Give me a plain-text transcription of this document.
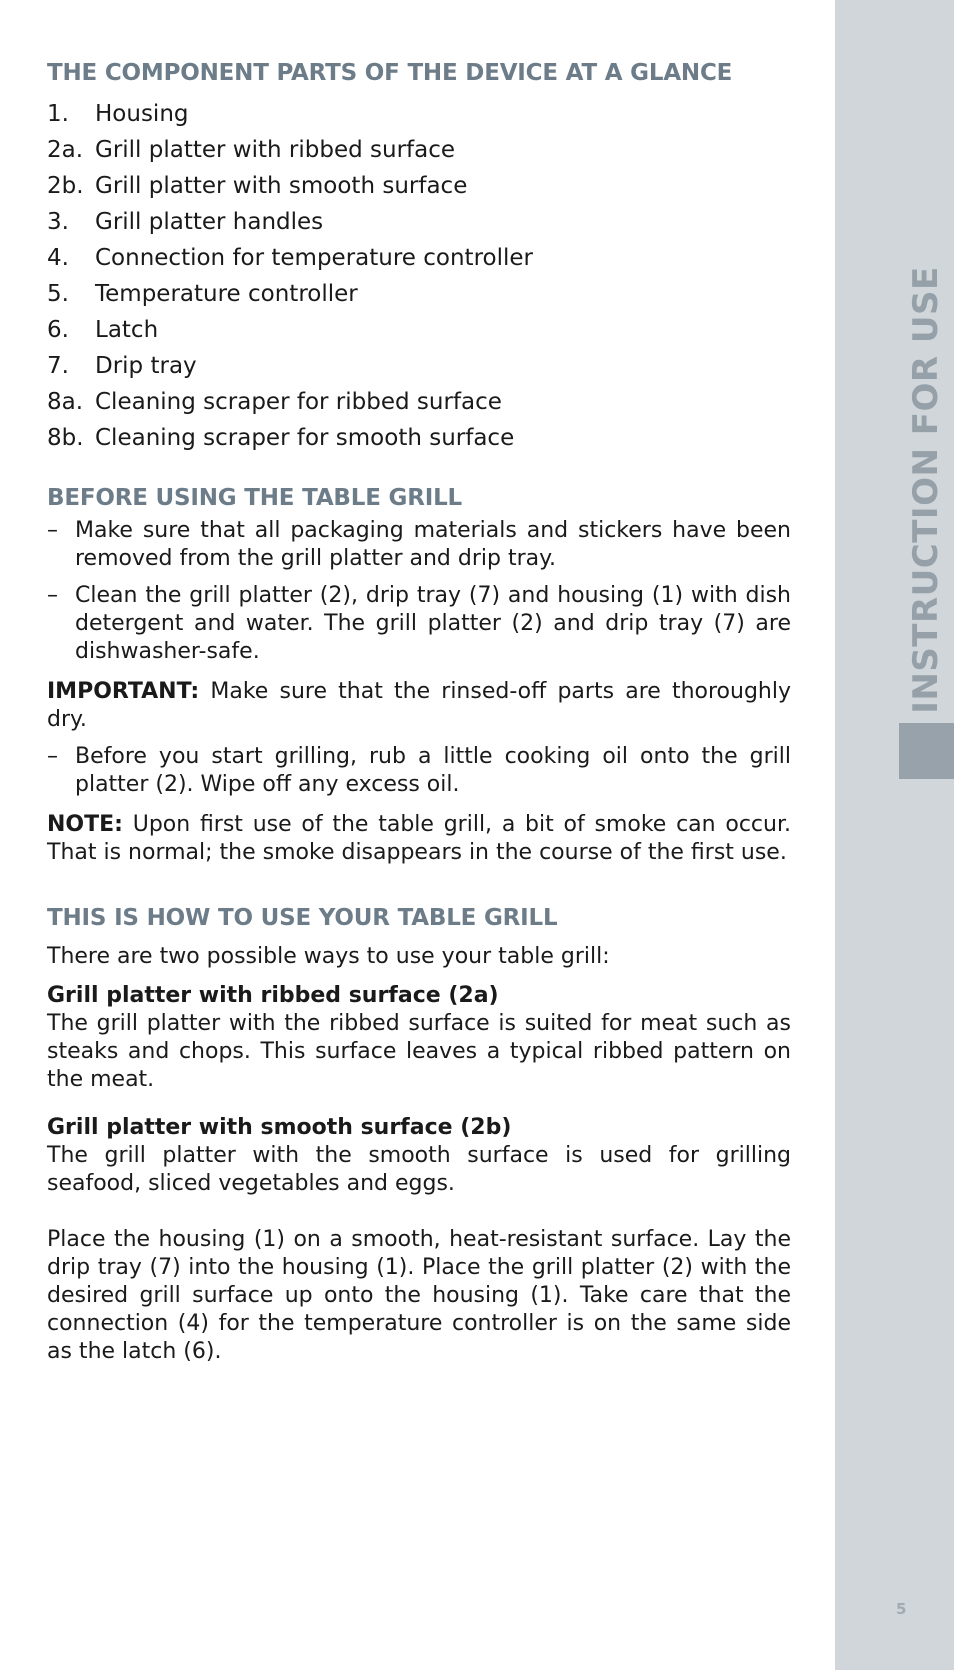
INSTRUCTION FOR USE
5
THE COMPONENT PARTS OF THE DEVICE AT A GLANCE
1.	Housing
2a. Grill platter with ribbed surface
2b. Grill platter with smooth surface
3.	Grill platter handles
4.	Connection for temperature controller
5.	Temperature controller
6.	Latch
7.	Drip tray
8a. Cleaning scraper for ribbed surface
8b. Cleaning scraper for smooth surface
BEFORE USING THE TABLE GRILL
– Make sure that all packaging materials and stickers have been removed from the grill platter and drip tray.
– Clean the grill platter (2), drip tray (7) and housing (1) with dish detergent and water. The grill platter (2) and drip tray (7) are dishwasher-safe.

IMPORTANT: Make sure that the rinsed-off parts are thoroughly dry.

– Before you start grilling, rub a little cooking oil onto the grill platter (2). Wipe off any excess oil.

NOTE: Upon first use of the table grill, a bit of smoke can occur. That is normal; the smoke disappears in the course of the first use.

THIS IS HOW TO USE YOUR TABLE GRILL

There are two possible ways to use your table grill:

Grill platter with ribbed surface (2a)

The grill platter with the ribbed surface is suited for meat such as steaks and chops. This surface leaves a typical ribbed pattern on the meat.

Grill platter with smooth surface (2b)

The grill platter with the smooth surface is used for grilling seafood, sliced vegetables and eggs.

Place the housing (1) on a smooth, heat-resistant surface. Lay the drip tray (7) into the housing (1). Place the grill platter (2) with the desired grill surface up onto the housing (1). Take care that the connection (4) for the temperature controller is on the same side as the latch (6).
